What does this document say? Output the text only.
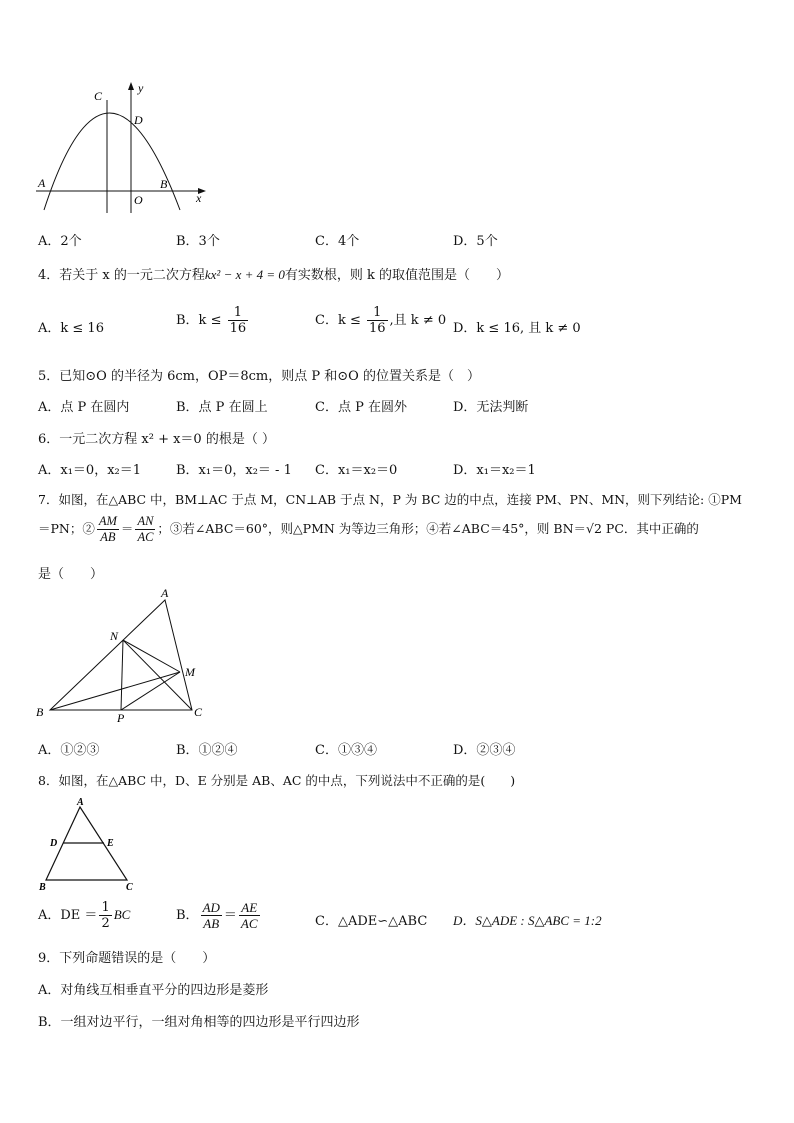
C
y
D
A	B
O	x
A．2个	B．3个	C．4个	D．5个
4．若关于 x 的一元二次方程kx² − x + 4 = 0有实数根，则 k 的取值范围是（　　）
A．k ≤ 16
B．$k \le \frac{1}{16}$	C．$k \le \frac{1}{16}$ ,且 k ≠ 0
D．k ≤ 16, 且 k ≠ 0
5．已知⊙O 的半径为 6cm，OP＝8cm，则点 P 和⊙O 的位置关系是（　）
A．点 P 在圆内	B．点 P 在圆上	C．点 P 在圆外	D．无法判断
6．一元二次方程 x² + x＝0 的根是（ ）
A．x₁＝0，x₂＝1	B．x₁＝0，x₂＝ - 1 C．x₁＝x₂＝0	D．x₁＝x₂＝1
7．如图，在△ABC 中，BM⊥AC 于点 M，CN⊥AB 于点 N，P 为 BC 边的中点，连接 PM、PN、MN，则下列结论: ①PM
＝PN；② $\frac{AM}{AB} = \frac{AN}{AC}$ ；③若∠ABC＝60°，则△PMN 为等边三角形；④若∠ABC＝45°，则 BN＝√2 PC．其中正确的
是（　　）
A
N
M
B	P	C
A．①②③	B．①②④	C．①③④	D．②③④
8．如图，在△ABC 中，D、E 分别是 AB、AC 的中点，下列说法中不正确的是(　　)
A
D	E
B	C
A．DE ＝ $\frac{1}{2}$ BC	B． $\frac{AD}{AB} = \frac{AE}{AC}$	C．△ADE∽△ABC D．S△ADE : S△ABC = 1:2
9．下列命题错误的是（　　）
A．对角线互相垂直平分的四边形是菱形
B．一组对边平行，一组对角相等的四边形是平行四边形
